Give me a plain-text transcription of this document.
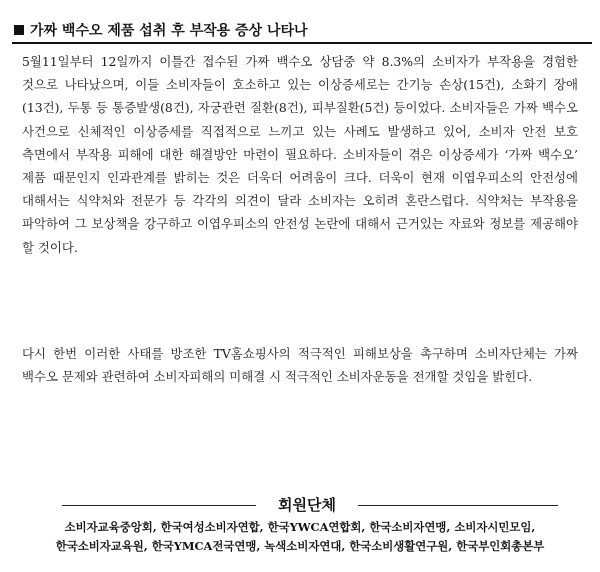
가짜 백수오 제품 섭취 후 부작용 증상 나타나

5월11일부터 12일까지 이틀간 접수된 가짜 백수오 상담중 약 8.3%의 소비자가 부작용을 경험한 것으로 나타났으며, 이들 소비자들이 호소하고 있는 이상증세로는 간기능 손상(15건), 소화기 장애(13건), 두통 등 통증발생(8건), 자궁관련 질환(8건), 피부질환(5건) 등이었다. 소비자들은 가짜 백수오 사건으로 신체적인 이상증세를 직접적으로 느끼고 있는 사례도 발생하고 있어, 소비자 안전 보호 측면에서 부작용 피해에 대한 해결방안 마련이 필요하다. 소비자들이 겪은 이상증세가 ‘가짜 백수오’ 제품 때문인지 인과관계를 밝히는 것은 더욱더 어려움이 크다. 더욱이 현재 이엽우피소의 안전성에 대해서는 식약처와 전문가 등 각각의 의견이 달라 소비자는 오히려 혼란스럽다. 식약처는 부작용을 파악하여 그 보상책을 강구하고 이엽우피소의 안전성 논란에 대해서 근거있는 자료와 정보를 제공해야 할 것이다.

다시 한번 이러한 사태를 방조한 TV홈쇼핑사의 적극적인 피해보상을 촉구하며 소비자단체는 가짜 백수오 문제와 관련하여 소비자피해의 미해결 시 적극적인 소비자운동을 전개할 것임을 밝힌다.

회원단체
소비자교육중앙회, 한국여성소비자연합, 한국YWCA연합회, 한국소비자연맹, 소비자시민모임,
한국소비자교육원, 한국YMCA전국연맹, 녹색소비자연대, 한국소비생활연구원, 한국부인회총본부
